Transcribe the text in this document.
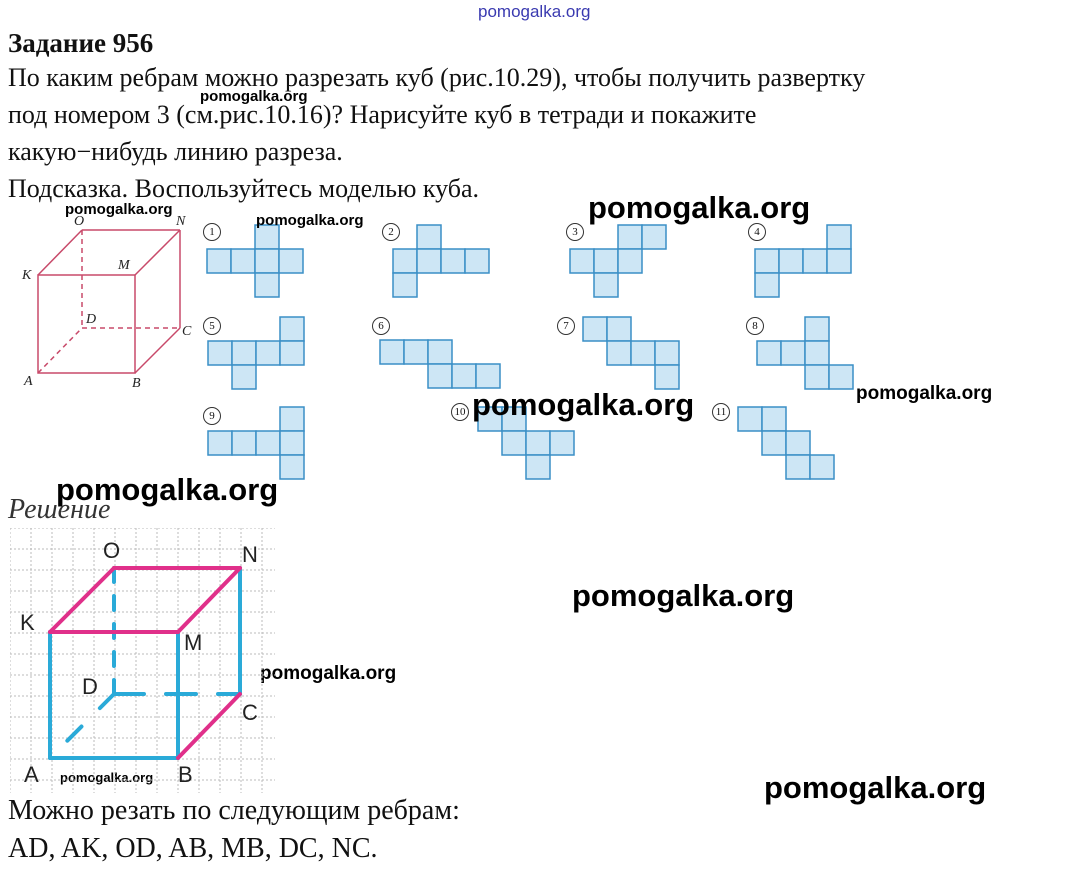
pomogalka.org
Задание 956
По каким ребрам можно разрезать куб (рис.10.29), чтобы получить развертку
под номером 3 (см.рис.10.16)? Нарисуйте куб в тетради и покажите
какую−нибудь линию разреза.
Подсказка. Воспользуйтесь моделью куба.
O	N
K
M
D
C
A	B
1	2	3	4
5	6	7	8
9	10	11
pomogalka.org
pomogalka.org
pomogalka.org	pomogalka.org
pomogalka.org
pomogalka.org
pomogalka.org
pomogalka.org
pomogalka.org
pomogalka.org	pomogalka.org
Решение
O	N
K
M
D
C
A	B
Можно резать по следующим ребрам:
AD, AK, OD, AB, MB, DC, NC.
